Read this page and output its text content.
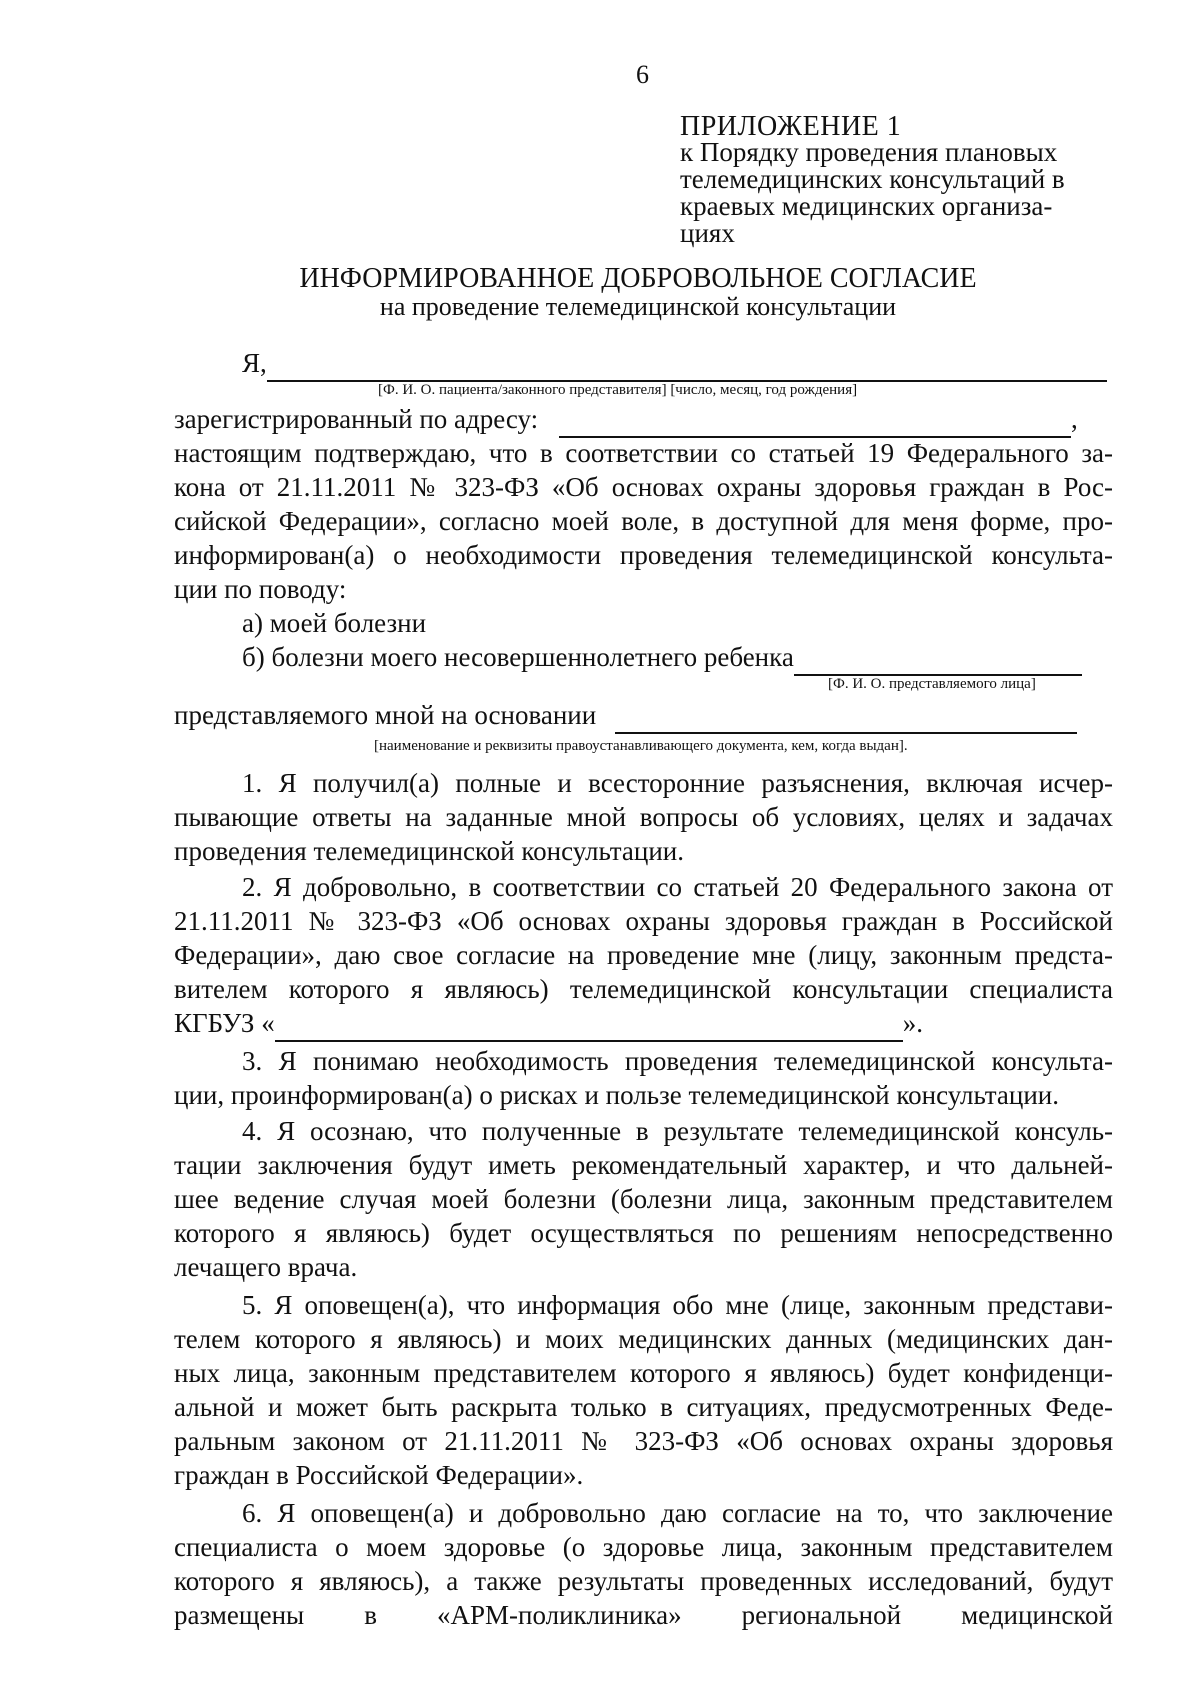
6
ПРИЛОЖЕНИЕ 1
к Порядку проведения плановых
телемедицинских консультаций в
краевых медицинских организа-
циях
ИНФОРМИРОВАННОЕ ДОБРОВОЛЬНОЕ СОГЛАСИЕ
на проведение телемедицинской консультации
Я,
[Ф. И. О. пациента/законного представителя] [число, месяц, год рождения]
зарегистрированный по адресу:	,
настоящим подтверждаю, что в соответствии со статьей 19 Федерального за-
кона от 21.11.2011 № 323-ФЗ «Об основах охраны здоровья граждан в Рос-
сийской Федерации», согласно моей воле, в доступной для меня форме, про-
информирован(а) о необходимости проведения телемедицинской консульта-
ции по поводу:
а) моей болезни
б) болезни моего несовершеннолетнего ребенка
[Ф. И. О. представляемого лица]
представляемого мной на основании
[наименование и реквизиты правоустанавливающего документа, кем, когда выдан].
1. Я получил(а) полные и всесторонние разъяснения, включая исчер-
пывающие ответы на заданные мной вопросы об условиях, целях и задачах
проведения телемедицинской консультации.
2. Я добровольно, в соответствии со статьей 20 Федерального закона от
21.11.2011 № 323-ФЗ «Об основах охраны здоровья граждан в Российской
Федерации», даю свое согласие на проведение мне (лицу, законным предста-
вителем которого я являюсь) телемедицинской консультации специалиста
КГБУЗ «	».
3. Я понимаю необходимость проведения телемедицинской консульта-
ции, проинформирован(а) о рисках и пользе телемедицинской консультации.
4. Я осознаю, что полученные в результате телемедицинской консуль-
тации заключения будут иметь рекомендательный характер, и что дальней-
шее ведение случая моей болезни (болезни лица, законным представителем
которого я являюсь) будет осуществляться по решениям непосредственно
лечащего врача.
5. Я оповещен(а), что информация обо мне (лице, законным представи-
телем которого я являюсь) и моих медицинских данных (медицинских дан-
ных лица, законным представителем которого я являюсь) будет конфиденци-
альной и может быть раскрыта только в ситуациях, предусмотренных Феде-
ральным законом от 21.11.2011 № 323-ФЗ «Об основах охраны здоровья
граждан в Российской Федерации».
6. Я оповещен(а) и добровольно даю согласие на то, что заключение
специалиста о моем здоровье (о здоровье лица, законным представителем
которого я являюсь), а также результаты проведенных исследований, будут
размещены в «АРМ-поликлиника» региональной медицинской
